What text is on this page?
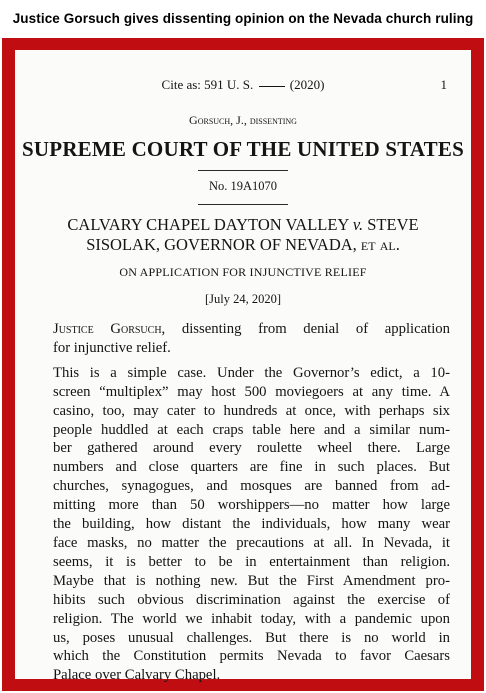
Justice Gorsuch gives dissenting opinion on the Nevada church ruling
Cite as: 591 U. S.	(2020)	1
Gorsuch, J., dissenting
SUPREME COURT OF THE UNITED STATES
No. 19A1070
CALVARY CHAPEL DAYTON VALLEY v. STEVE
SISOLAK, GOVERNOR OF NEVADA, et al.
ON APPLICATION FOR INJUNCTIVE RELIEF
[July 24, 2020]

Justice Gorsuch, dissenting from denial of application
for injunctive relief.

This is a simple case. Under the Governor’s edict, a 10-
screen “multiplex” may host 500 moviegoers at any time. A
casino, too, may cater to hundreds at once, with perhaps six
people huddled at each craps table here and a similar num-
ber gathered around every roulette wheel there. Large
numbers and close quarters are fine in such places. But
churches, synagogues, and mosques are banned from ad-
mitting more than 50 worshippers—no matter how large
the building, how distant the individuals, how many wear
face masks, no matter the precautions at all. In Nevada, it
seems, it is better to be in entertainment than religion.
Maybe that is nothing new. But the First Amendment pro-
hibits such obvious discrimination against the exercise of
religion. The world we inhabit today, with a pandemic upon
us, poses unusual challenges. But there is no world in
which the Constitution permits Nevada to favor Caesars
Palace over Calvary Chapel.
